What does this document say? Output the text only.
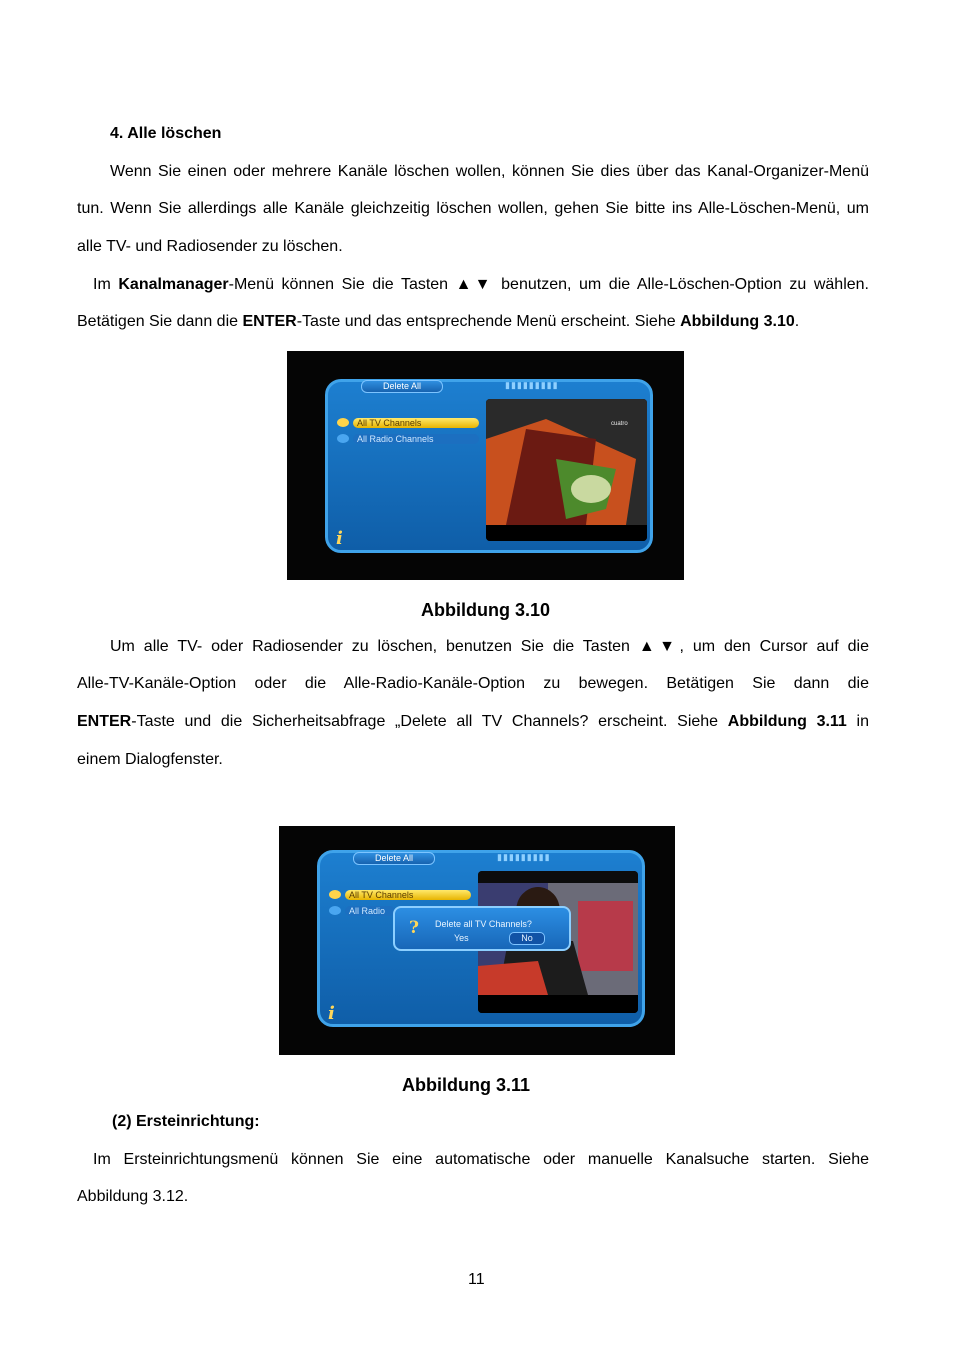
4. Alle löschen
Wenn Sie einen oder mehrere Kanäle löschen wollen, können Sie dies über das Kanal-Organizer-Menü
tun. Wenn Sie allerdings alle Kanäle gleichzeitig löschen wollen, gehen Sie bitte ins Alle-Löschen-Menü, um
alle TV- und Radiosender zu löschen.
Im Kanalmanager-Menü können Sie die Tasten ▲▼ benutzen, um die Alle-Löschen-Option zu wählen.
Betätigen Sie dann die ENTER-Taste und das entsprechende Menü erscheint. Siehe Abbildung 3.10.
Delete All	▮▮▮▮▮▮▮▮▮
All TV Channels
All Radio Channels
cuatro
i
Abbildung 3.10
Um alle TV- oder Radiosender zu löschen, benutzen Sie die Tasten ▲▼, um den Cursor auf die
Alle-TV-Kanäle-Option oder die Alle-Radio-Kanäle-Option zu bewegen. Betätigen Sie dann die
ENTER-Taste und die Sicherheitsabfrage „Delete all TV Channels? erscheint. Siehe Abbildung 3.11 in
einem Dialogfenster.
Delete All	▮▮▮▮▮▮▮▮▮
All TV Channels
All Radio
? Delete all TV Channels?
Yes	No
i
Abbildung 3.11
(2) Ersteinrichtung:
Im Ersteinrichtungsmenü können Sie eine automatische oder manuelle Kanalsuche starten. Siehe
Abbildung 3.12.
11
